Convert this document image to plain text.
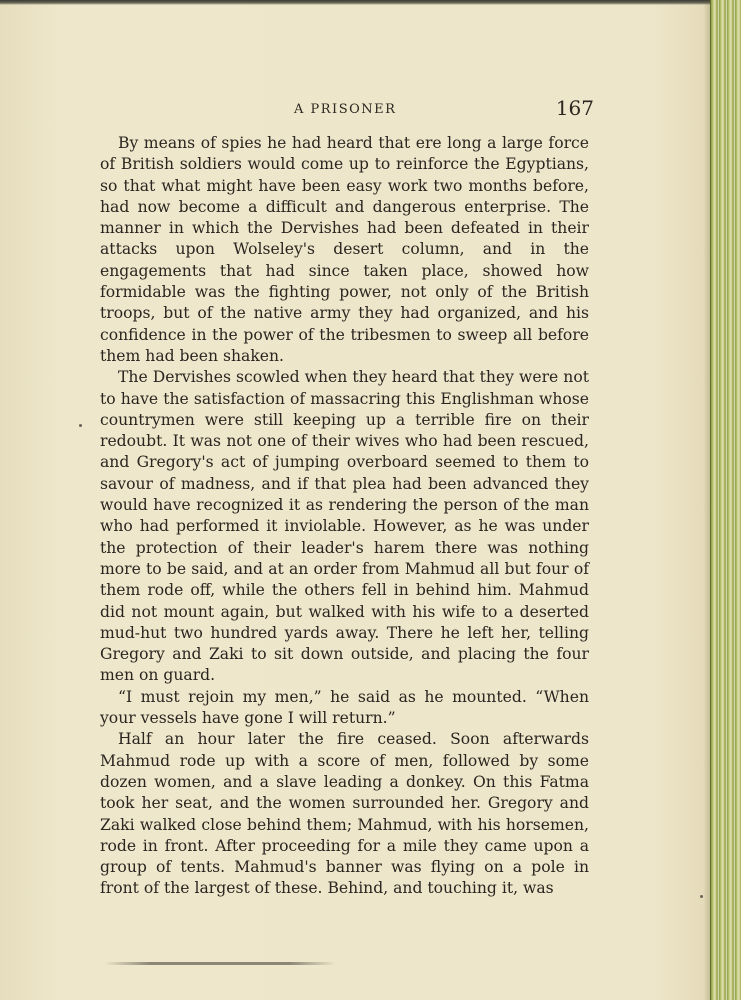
A PRISONER	167

By means of spies he had heard that ere long a large force of British soldiers would come up to reinforce the Egyptians, so that what might have been easy work two months before, had now become a difficult and dangerous enterprise. The manner in which the Dervishes had been defeated in their attacks upon Wolseley's desert column, and in the engagements that had since taken place, showed how formidable was the fighting power, not only of the British troops, but of the native army they had organized, and his confidence in the power of the tribesmen to sweep all before them had been shaken.

The Dervishes scowled when they heard that they were not to have the satisfaction of massacring this Englishman whose countrymen were still keeping up a terrible fire on their redoubt. It was not one of their wives who had been rescued, and Gregory's act of jumping overboard seemed to them to savour of madness, and if that plea had been advanced they would have recognized it as rendering the person of the man who had performed it inviolable. However, as he was under the protection of their leader's harem there was nothing more to be said, and at an order from Mahmud all but four of them rode off, while the others fell in behind him. Mahmud did not mount again, but walked with his wife to a deserted mud-hut two hundred yards away. There he left her, telling Gregory and Zaki to sit down outside, and placing the four men on guard.

“I must rejoin my men,” he said as he mounted. “When your vessels have gone I will return.”

Half an hour later the fire ceased. Soon afterwards Mahmud rode up with a score of men, followed by some dozen women, and a slave leading a donkey. On this Fatma took her seat, and the women surrounded her. Gregory and Zaki walked close behind them; Mahmud, with his horsemen, rode in front. After proceeding for a mile they came upon a group of tents. Mahmud's banner was flying on a pole in front of the largest of these. Behind, and touching it, was
